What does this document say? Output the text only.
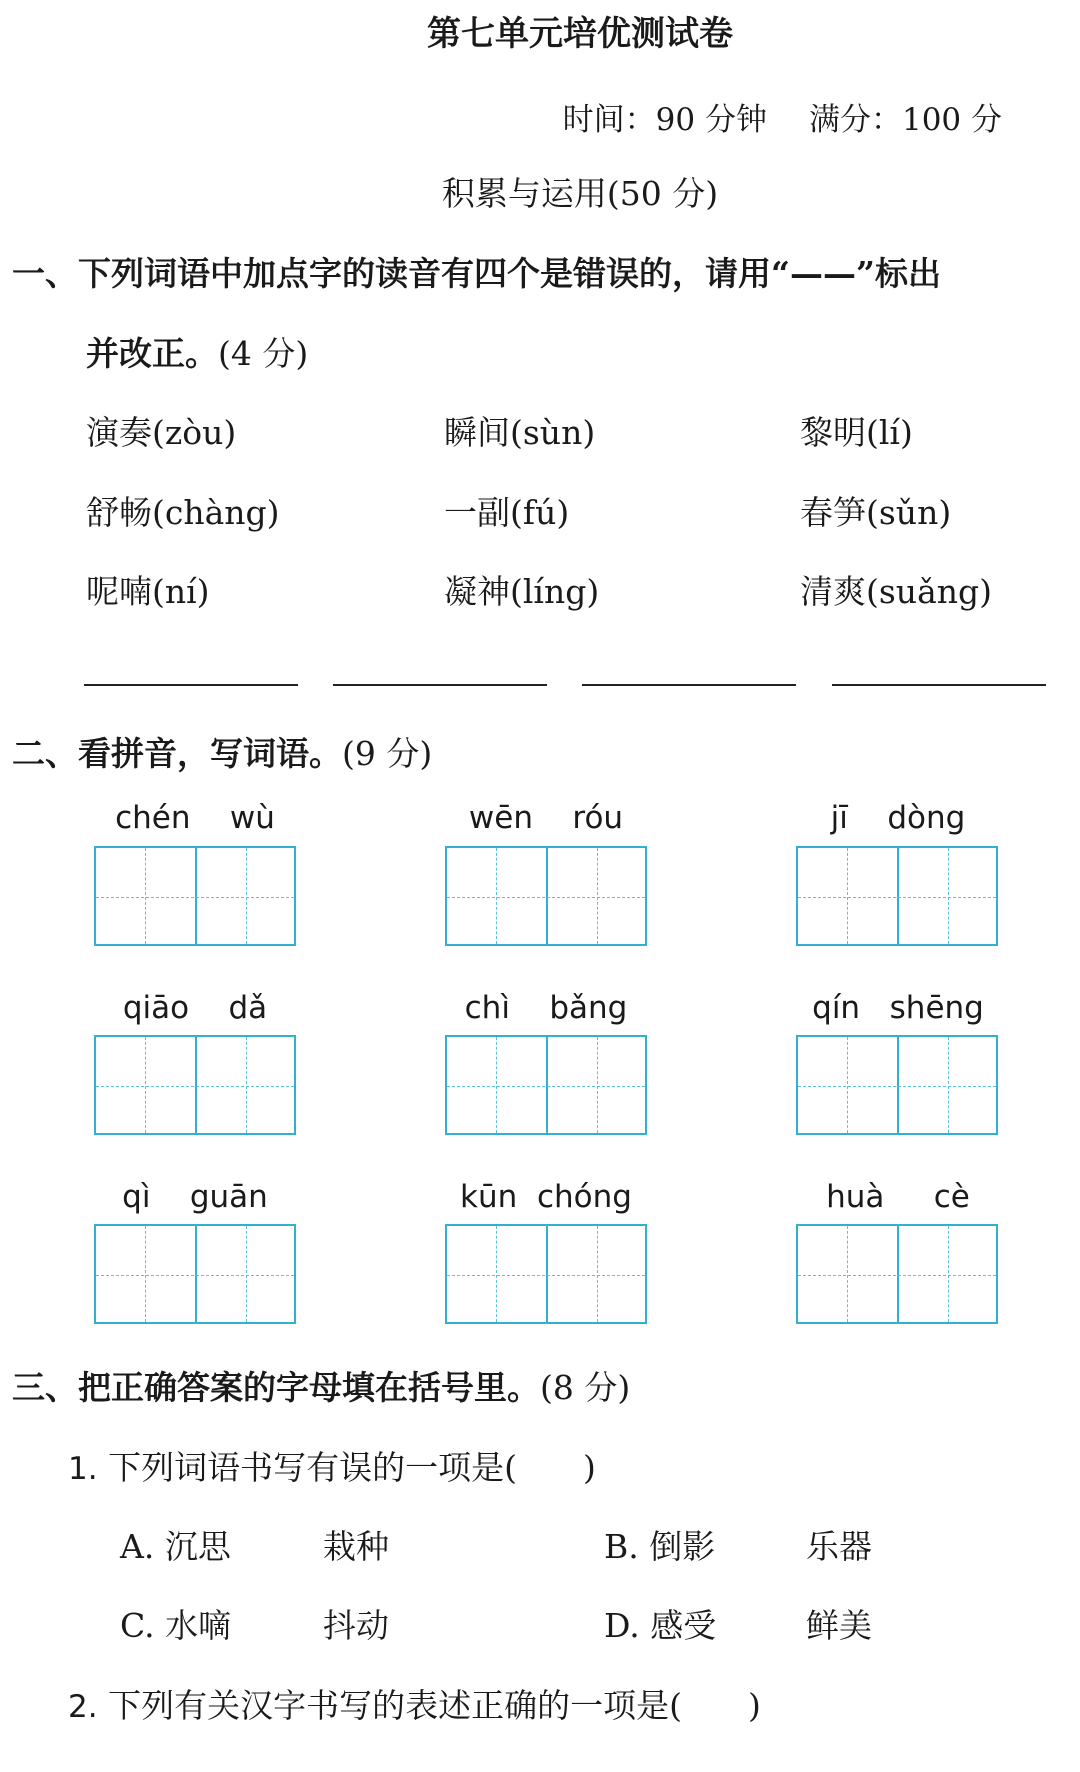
第七单元培优测试卷
时间：90 分钟 满分：100 分
积累与运用(50 分)
一、下列词语中加点字的读音有四个是错误的，请用“——”标出
并改正。(4 分)
演奏(zòu)	瞬间(sùn)	黎明(lí)
舒畅(chàng)	一副(fú)	春笋(sǔn)
呢喃(ní)	凝神(líng)	清爽(suǎng)
二、看拼音，写词语。(9 分)
chén wù	wēn róu	jī dòng
qiāo dǎ	chì bǎng	qín shēng
qì guān	kūn chóng	huà cè
三、把正确答案的字母填在括号里。(8 分)
1. 下列词语书写有误的一项是(　　)
A. 沉思	栽种	B. 倒影	乐器
C. 水嘀	抖动	D. 感受	鲜美
2. 下列有关汉字书写的表述正确的一项是(　　)
